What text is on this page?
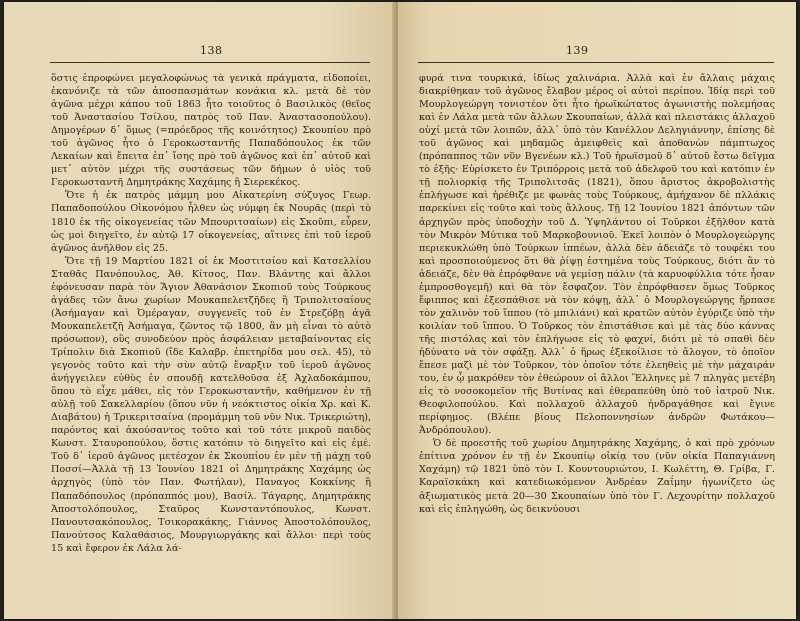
138

ὅστις ἐπροφώνει μεγαλοφώνως τὰ γενικὰ πράγματα, εἰδοποίει, ἐκανόνιζε τὰ τῶν ἀποσπασμάτων κονάκια κλ. μετὰ δὲ τὸν ἀγῶνα μέχρι κάπου τοῦ 1863 ἦτο τοιοῦτος ὁ Βασιλικὸς (θεῖος τοῦ Ἀναστασίου Τσίλου, πατρὸς τοῦ Παν. Ἀναστασοπούλου). Δημογέρων δ᾽ ὅμως (=πρόεδρος τῆς κοινότητος) Σκουπίου πρὸ τοῦ ἀγῶνος ἦτο ὁ Γεροκωσταντῆς Παπαδόπουλος ἐκ τῶν Λεκαίων καὶ ἔπειτα ἐπ᾽ ἴσης πρὸ τοῦ ἀγῶνος καὶ ἐπ᾽ αὐτοῦ καὶ μετ᾽ αὐτὸν μέχρι τῆς συστάσεως τῶν δήμων ὁ υἱὸς τοῦ Γεροκωσταντῆ Δημητράκης Χαχάμης ἢ Σιερεκέκος.

Ὅτε ἡ ἐκ πατρὸς μάμμη μου Αἰκατερίνη σύζυγος Γεωρ. Παπαδοπούλου Οἰκονόμου ἦλθεν ὡς νύμφη ἐκ Νουρᾶς (περὶ τὸ 1810 ἐκ τῆς οἰκογενείας τῶν Μπουριτσαίων) εἰς Σκοῦπι, εὗρεν, ὡς μοὶ διηγεῖτο, ἐν αὐτῷ 17 οἰκογενείας, αἵτινες ἐπὶ τοῦ ἱεροῦ ἀγῶνος ἀνῆλθον εἰς 25.

Ὅτε τῇ 19 Μαρτίου 1821 οἱ ἐκ Μοστιτσίου καὶ Κατσελλίου Σταθᾶς Πανόπουλος, Ἀθ. Κίτσος, Παν. Βλάντης καὶ ἄλλοι ἐφόνευσαν παρὰ τὸν Ἅγιον Ἀθανάσιον Σκοπιοῦ τοὺς Τούρκους ἀγάδες τῶν ἄνω χωρίων Μουκαπελετζῆδες ἢ Τριπολιτσαίους (Ἀσήμαγαν καὶ Ὀμέραγαν, συγγενεῖς τοῦ ἐν Στρεζόβῃ ἀγᾶ Μουκαπελετζῆ Ἀσήμαγα, ζῶντος τῷ 1800, ἂν μὴ εἶναι τὸ αὐτὸ πρόσωπον), οὓς συνοδεύον πρὸς ἀσφάλειαν μεταβαίνοντας εἰς Τρίπολιν διὰ Σκοπιοῦ (ἴδε Καλαβρ. ἐπετηρίδα μου σελ. 45), τὸ γεγονὸς τοῦτο καὶ τὴν σὺν αὐτῷ ἔναρξιν τοῦ ἱεροῦ ἀγῶνος ἀνήγγειλεν εὐθὺς ἐν σπουδῇ κατελθοῦσα ἐξ Ἀχλαδοκάμπου, ὅπου τὸ εἶχε μάθει, εἰς τὸν Γεροκωσταντῆν, καθήμενον ἐν τῇ αὐλῇ τοῦ Σακελλαρίου (ὅπου νῦν ἡ νεόκτιστος οἰκία Χρ. καὶ Κ. Διαβάτου) ἡ Τρικεριτσαίνα (προμάμμη τοῦ νῦν Νικ. Τρικεριώτη), παρόντος καὶ ἀκούσαντος τοῦτο καὶ τοῦ τότε μικροῦ παιδὸς Κωνστ. Σταυροπούλου, ὅστις κατόπιν τὸ διηγεῖτο καὶ εἰς ἐμέ. Τοῦ δ᾽ ἱεροῦ ἀγῶνος μετέσχον ἐκ Σκουπίου ἐν μὲν τῇ μάχῃ τοῦ Ποσσί—Ἀλλὰ τῇ 13 Ἰουνίου 1821 οἱ Δημητράκης Χαχάμης ὡς ἀρχηγὸς (ὑπὸ τὸν Παν. Φωτήλαν), Παναγος Κοκκίνης ἢ Παπαδόπουλος (πρόπαππός μου), Βασίλ. Τάγαρης, Δημητράκης Ἀποστολόπουλος, Σταῦρος Κωνσταντόπουλος, Κωνστ. Πανουτσακόπουλος, Τσικορακάκης, Γιάννος Ἀποστολόπουλος, Πανούτσος Καλαθάσιος, Μουργιωργάκης καὶ ἄλλοι· περὶ τοὺς 15 καὶ ἔφερον ἐκ Λάλα λά-

139

φυρά τινα τουρκικά, ἰδίως χαλινάρια. Ἀλλὰ καὶ ἐν ἄλλαις μάχαις διακρίθηκαν τοῦ ἀγῶνος ἔλαβον μέρος οἱ αὐτοὶ περίπου. Ἰδίᾳ περὶ τοῦ Μουρλογεώργη τονιστέον ὅτι ἦτο ἡρωϊκώτατος ἀγωνιστὴς πολεμήσας καὶ ἐν Λάλα μετὰ τῶν ἄλλων Σκουπαίων, ἀλλὰ καὶ πλειστάκις ἀλλαχοῦ οὐχί μετὰ τῶν λοιπῶν, ἀλλ᾽ ὑπὸ τὸν Κανέλλον Δεληγιάννην, ἐπίσης δὲ τοῦ ἀγῶνος καὶ μηδαμῶς ἀμειφθεὶς καὶ ἀποθανὼν πάμπτωχος (πρόπαππος τῶν νῦν Βγενέων κλ.) Τοῦ ἡρωϊσμοῦ δ᾽ αὐτοῦ ἔστω δεῖγμα τὸ ἑξῆς· Εὑρίσκετο ἐν Τριπόρροις μετὰ τοῦ ἀδελφοῦ του καὶ κατόπιν ἐν τῇ πολιορκίᾳ τῆς Τριπολιτσᾶς (1821), ὅπου ἄριστος ἀκροβολιστὴς ἐπλήγωσε καὶ ἠρέθιζε με φωνὰς τοὺς Τούρκους, ἀμήχανον δὲ πλλάκις παρεκίνει εἰς τοῦτο καὶ τοὺς ἄλλους. Τῇ 12 Ἰουνίου 1821 ἀπόντων τῶν ἀρχηγῶν πρὸς ὑποδοχὴν τοῦ Δ. Ὑψηλάντου οἱ Τοῦρκοι ἐξῆλθον κατὰ τὸν Μικρὸν Μύτικα τοῦ Μαρκοβουνιοῦ. Ἐκεῖ λοιπὸν ὁ Μουρλογεώργης περιεκυκλώθη ὑπὸ Τούρκων ἱππέων, ἀλλὰ δὲν ἀδειάζε τὸ τουφέκι του καὶ προσποιούμενος ὅτι θὰ ῥίψῃ ἐστημένα τοὺς Τούρκους, διότι ἂν τὸ ἀδειάζε, δὲν θὰ ἐπρόφθανε νὰ γεμίσῃ πάλιν (τὰ καρυοφύλλια τότε ἦσαν ἐμπροσθογεμῆ) καὶ θὰ τὸν ἔσφαζον. Τὸν ἐπρόφθασεν ὅμως Τοῦρκος ἔφιππος καὶ ἐξεσπάθισε νὰ τὸν κόψῃ, ἀλλ᾽ ὁ Μουρλογεώργης ἤρπασε τὸν χαλινὸν τοῦ ἵππου (τὸ μπιλιάνι) καὶ κρατῶν αὐτὸν ἐγύριζε ὑπὸ τὴν κοιλίαν τοῦ ἵππου. Ὁ Τοῦρκος τὸν ἐπιστάθισε καὶ μὲ τὰς δύο κάννας τῆς πιστόλας καὶ τὸν ἐπλήγωσε εἰς τὸ φαχνί, διότι μὲ τὸ σπαθὶ δὲν ἠδύνατο νὰ τὸν σφάξῃ. Ἀλλ᾽ ὁ ἥρως ἐξεκοίλισε τὸ ἄλογον, τὸ ὁποῖον ἔπεσε μαζὶ μὲ τὸν Τοῦρκον, τὸν ὁποῖον τότε ἐλεηθεὶς μὲ τὴν μάχαιράν του, ἐν ᾧ μακρόθεν τὸν ἐθεώρουν οἱ ἄλλοι Ἕλληνες μὲ 7 πληγὰς μετέβη εἰς τὸ νοσοκομεῖον τῆς Βυτίνας καὶ ἐθεραπεύθη ὑπὸ τοῦ ἰατροῦ Νικ. Θεοφιλοπούλου. Καὶ πολλαχοῦ ἀλλαχοῦ ἠνδραγάθησε καὶ ἔγινε περίφημος. (Βλέπε βίους Πελοποννησίων ἀνδρῶν Φωτάκου—Ἀνδρόπουλου).

Ὁ δὲ προεστῆς τοῦ χωρίου Δημητράκης Χαχάμης, ὁ καὶ πρὸ χρόνων ἐπίτινα χρόνον ἐν τῇ ἐν Σκουπίῳ οἰκίᾳ του (νῦν οἰκία Παπαγιάννη Χαχάμη) τῷ 1821 ὑπὸ τὸν Ι. Κουντουριώτου, Ι. Κωλέττη, Θ. Γρίβα, Γ. Καραϊσκάκη καὶ κατεδιωκόμενον Ἀνδρέαν Ζαΐμην ἠγωνίζετο ὡς ἀξιωματικὸς μετὰ 20—30 Σκουπαίων ὑπὸ τὸν Γ. Λεχουρίτην πολλαχοῦ καὶ εἰς ἐπληγώθη, ὡς δεικνύουσι
